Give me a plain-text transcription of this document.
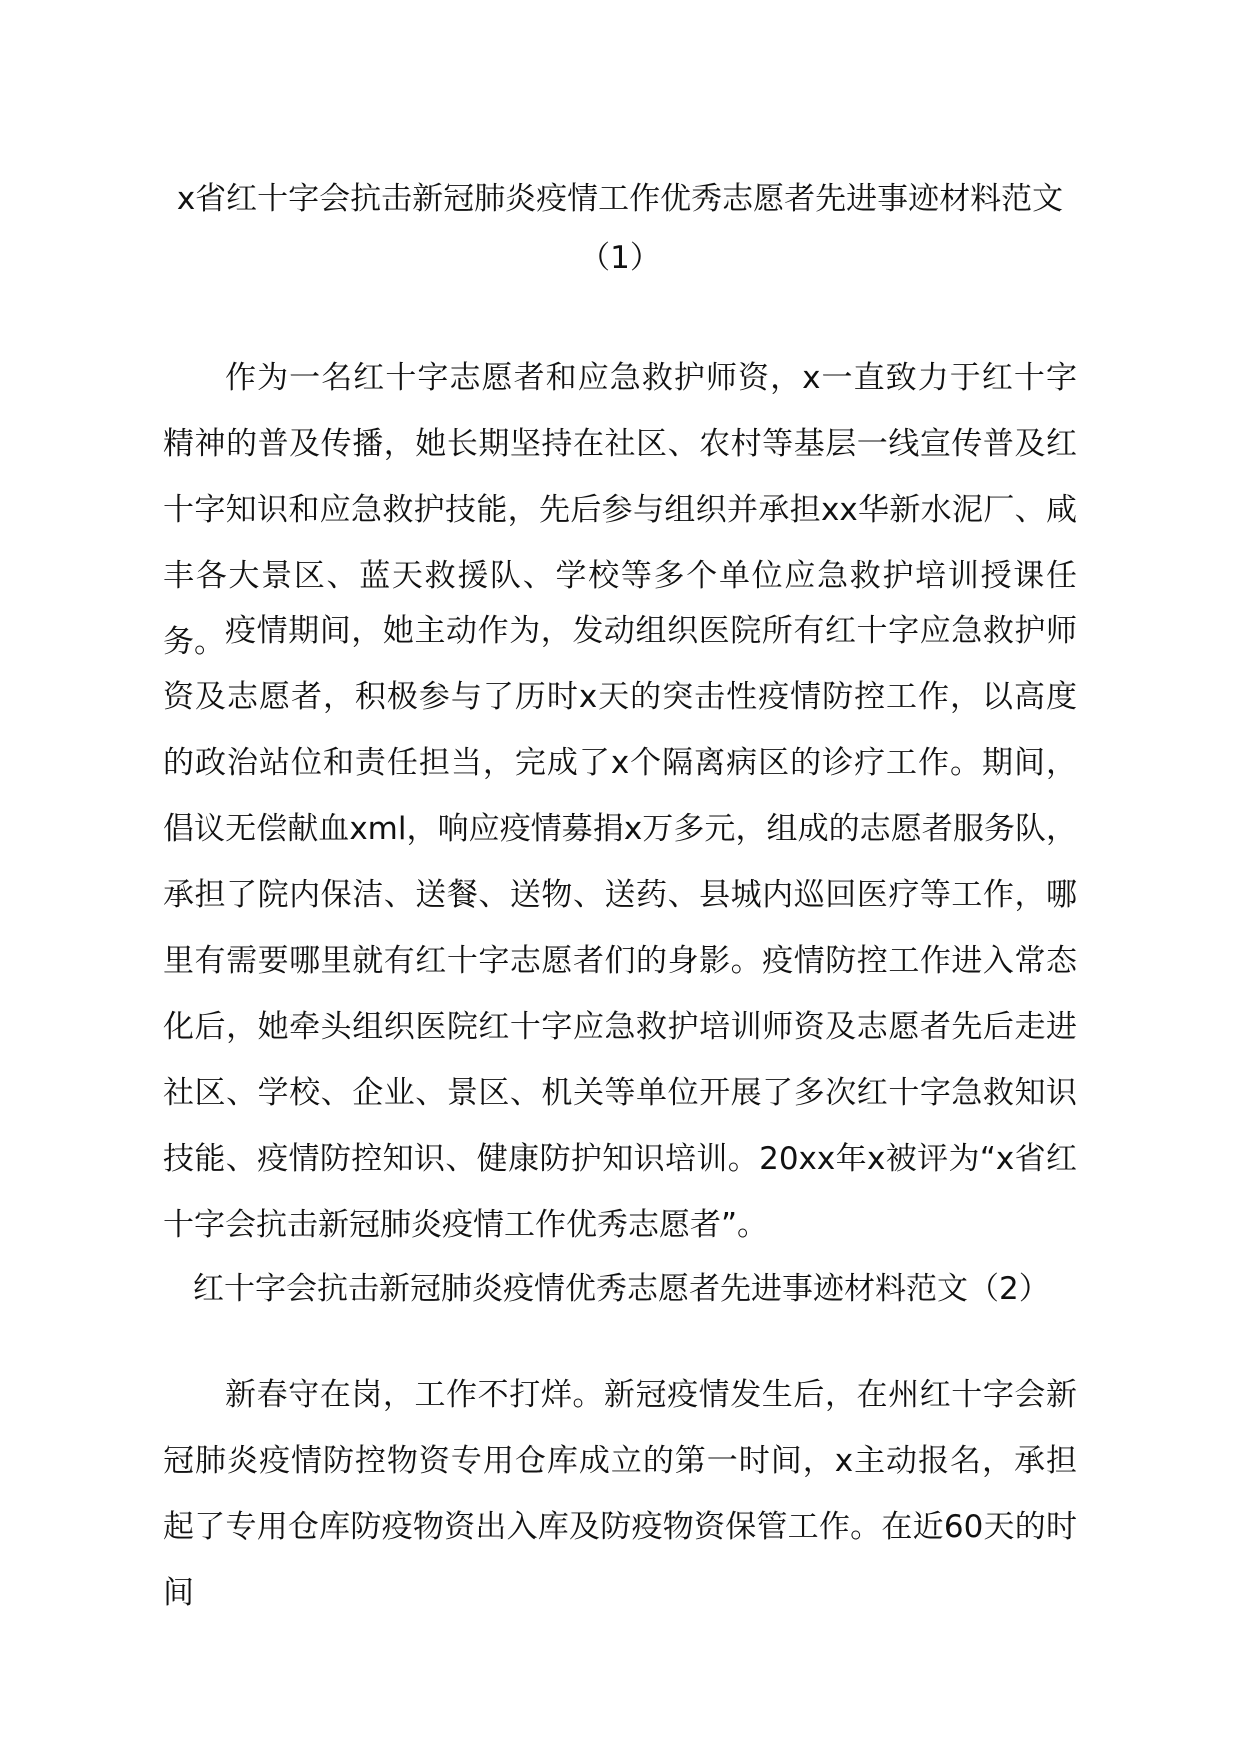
x省红十字会抗击新冠肺炎疫情工作优秀志愿者先进事迹材料范文
（1）

作为一名红十字志愿者和应急救护师资，x一直致力于红十字精神的普及传播，她长期坚持在社区、农村等基层一线宣传普及红十字知识和应急救护技能，先后参与组织并承担xx华新水泥厂、咸丰各大景区、蓝天救援队、学校等多个单位应急救护培训授课任务。 疫情期间，她主动作为，发动组织医院所有红十字应急救护师资及志愿者，积极参与了历时x天的突击性疫情防控工作，以高度的政治站位和责任担当，完成了x个隔离病区的诊疗工作。期间，倡议无偿献血xml，响应疫情募捐x万多元，组成的志愿者服务队，承担了院内保洁、送餐、送物、送药、县城内巡回医疗等工作，哪里有需要哪里就有红十字志愿者们的身影。疫情防控工作进入常态化后，她牵头组织医院红十字应急救护培训师资及志愿者先后走进社区、学校、企业、景区、机关等单位开展了多次红十字急救知识技能、疫情防控知识、健康防护知识培训。20xx年x被评为“x省红十字会抗击新冠肺炎疫情工作优秀志愿者”。

红十字会抗击新冠肺炎疫情优秀志愿者先进事迹材料范文（2）

新春守在岗，工作不打烊。新冠疫情发生后，在州红十字会新冠肺炎疫情防控物资专用仓库成立的第一时间，x主动报名，承担起了专用仓库防疫物资出入库及防疫物资保管工作。在近60天的时间
